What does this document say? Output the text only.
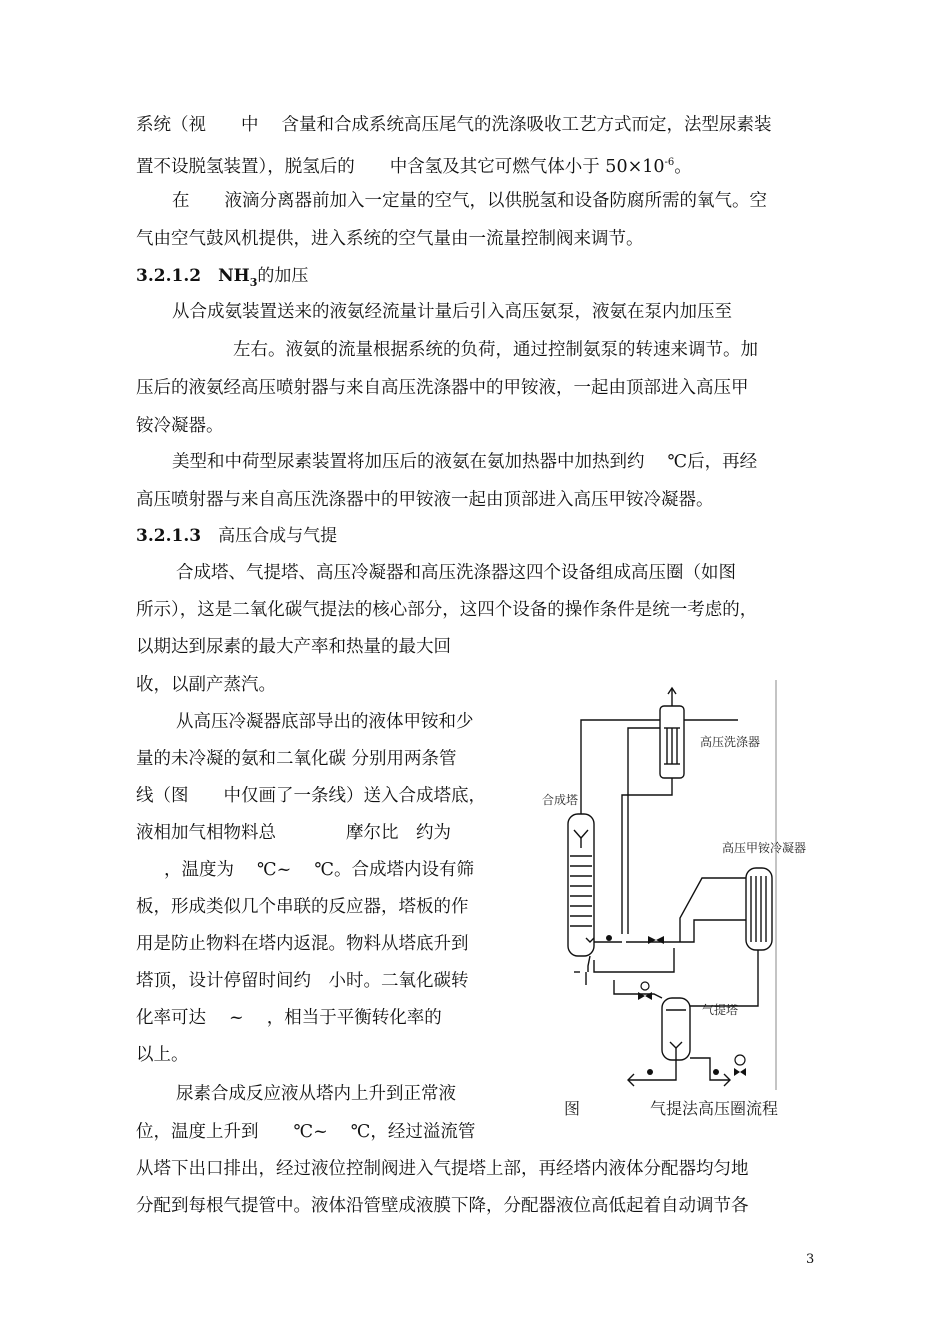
系统（视　　中　 含量和合成系统高压尾气的洗涤吸收工艺方式而定，法型尿素装
置不设脱氢装置），脱氢后的　　中含氢及其它可燃气体小于 $50\times 10^{-6}$。
在　　液滴分离器前加入一定量的空气，以供脱氢和设备防腐所需的氧气。空
气由空气鼓风机提供，进入系统的空气量由一流量控制阀来调节。
3.2.1.2  $NH_3$的加压
从合成氨装置送来的液氨经流量计量后引入高压氨泵，液氨在泵内加压至
左右。液氨的流量根据系统的负荷，通过控制氨泵的转速来调节。加
压后的液氨经高压喷射器与来自高压洗涤器中的甲铵液，一起由顶部进入高压甲
铵冷凝器。
美型和中荷型尿素装置将加压后的液氨在氨加热器中加热到约　 ℃后，再经
高压喷射器与来自高压洗涤器中的甲铵液一起由顶部进入高压甲铵冷凝器。
3.2.1.3  高压合成与气提
合成塔、气提塔、高压冷凝器和高压洗涤器这四个设备组成高压圈（如图
所示），这是二氧化碳气提法的核心部分，这四个设备的操作条件是统一考虑的，
以期达到尿素的最大产率和热量的最大回
收，以副产蒸汽。
从高压冷凝器底部导出的液体甲铵和少
量的未冷凝的氨和二氧化碳 分别用两条管
线（图　　中仅画了一条线）送入合成塔底，
液相加气相物料总　　　　摩尔比　约为
，温度为　 ℃~　 ℃。合成塔内设有筛
板，形成类似几个串联的反应器，塔板的作
用是防止物料在塔内返混。物料从塔底升到
塔顶，设计停留时间约　小时。二氧化碳转
化率可达　 ~　 ，相当于平衡转化率的
以上。
尿素合成反应液从塔内上升到正常液
位，温度上升到　　℃~　 ℃，经过溢流管
从塔下出口排出，经过液位控制阀进入气提塔上部，再经塔内液体分配器均匀地
分配到每根气提管中。液体沿管壁成液膜下降，分配器液位高低起着自动调节各
高压洗涤器
合成塔
高压甲铵冷凝器
气提塔
图	气提法高压圈流程
3
